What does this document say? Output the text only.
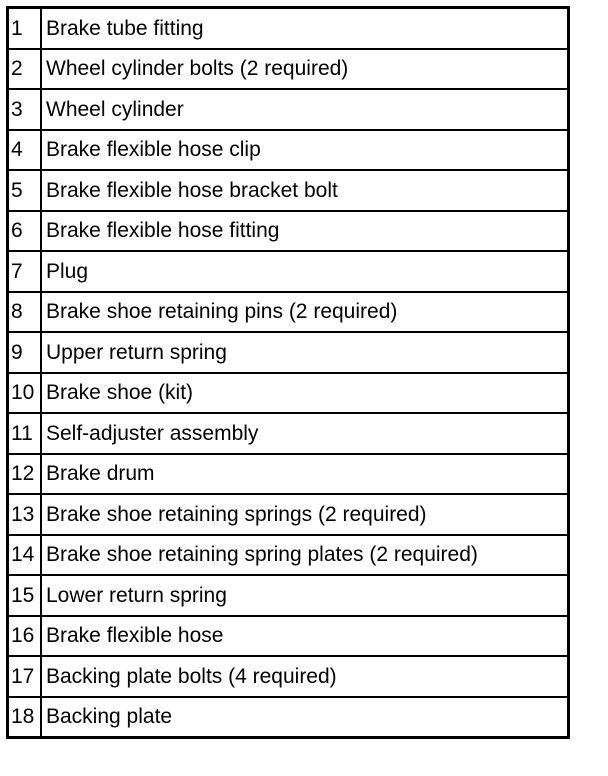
1	Brake tube fitting
2	Wheel cylinder bolts (2 required)
3	Wheel cylinder
4	Brake flexible hose clip
5	Brake flexible hose bracket bolt
6	Brake flexible hose fitting
7	Plug
8	Brake shoe retaining pins (2 required)
9	Upper return spring
10	Brake shoe (kit)
11	Self-adjuster assembly
12	Brake drum
13	Brake shoe retaining springs (2 required)
14	Brake shoe retaining spring plates (2 required)
15	Lower return spring
16	Brake flexible hose
17	Backing plate bolts (4 required)
18	Backing plate
